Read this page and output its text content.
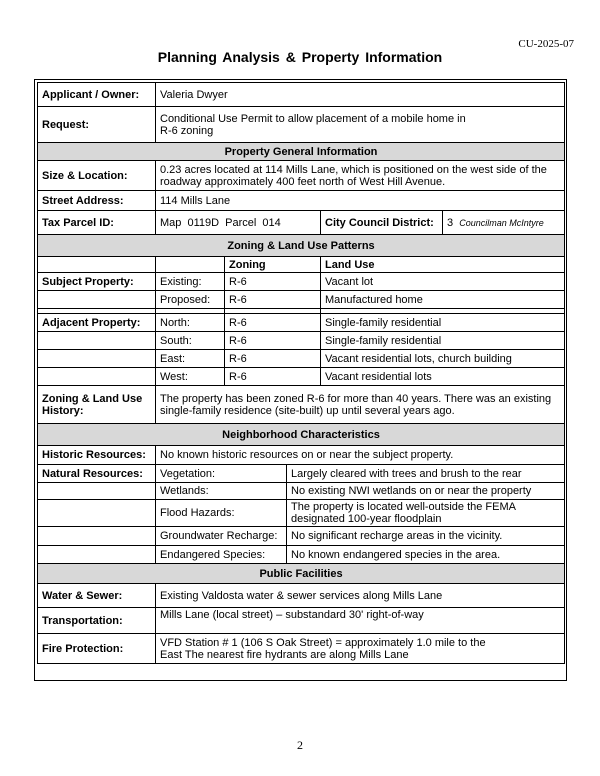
CU-2025-07
Planning Analysis & Property Information
Applicant / Owner:	Valeria Dwyer				
Request:	Conditional Use Permit to allow placement of a mobile home in
R-6 zoning				
Property General Information					
Size & Location:	0.23 acres located at 114 Mills Lane, which is positioned on the west side of the
roadway approximately 400 feet north of West Hill Avenue.				
Street Address:	114 Mills Lane				
Tax Parcel ID:	Map 0119D Parcel 014			City Council District:	3 Councilman McIntyre
Zoning & Land Use Patterns					
		Zoning		Land Use	
Subject Property:	Existing:	R-6		Vacant lot	
	Proposed:	R-6		Manufactured home	

Adjacent Property:	North:	R-6		Single-family residential	
	South:	R-6		Single-family residential	
	East:	R-6		Vacant residential lots, church building	
	West:	R-6		Vacant residential lots	
Zoning & Land Use
History:	The property has been zoned R-6 for more than 40 years. There was an existing
single-family residence (site-built) up until several years ago.				
Neighborhood Characteristics					
Historic Resources:	No known historic resources on or near the subject property.				
Natural Resources:	Vegetation:		Largely cleared with trees and brush to the rear		
	Wetlands:		No existing NWI wetlands on or near the property		
	Flood Hazards:		The property is located well-outside the FEMA
designated 100-year floodplain		
	Groundwater Recharge:		No significant recharge areas in the vicinity.		
	Endangered Species:		No known endangered species in the area.		
Public Facilities					
Water & Sewer:	Existing Valdosta water & sewer services along Mills Lane				
Transportation:	Mills Lane (local street) – substandard 30' right-of-way				
Fire Protection:	VFD Station # 1 (106 S Oak Street) = approximately 1.0 mile to the
East The nearest fire hydrants are along Mills Lane				
2
